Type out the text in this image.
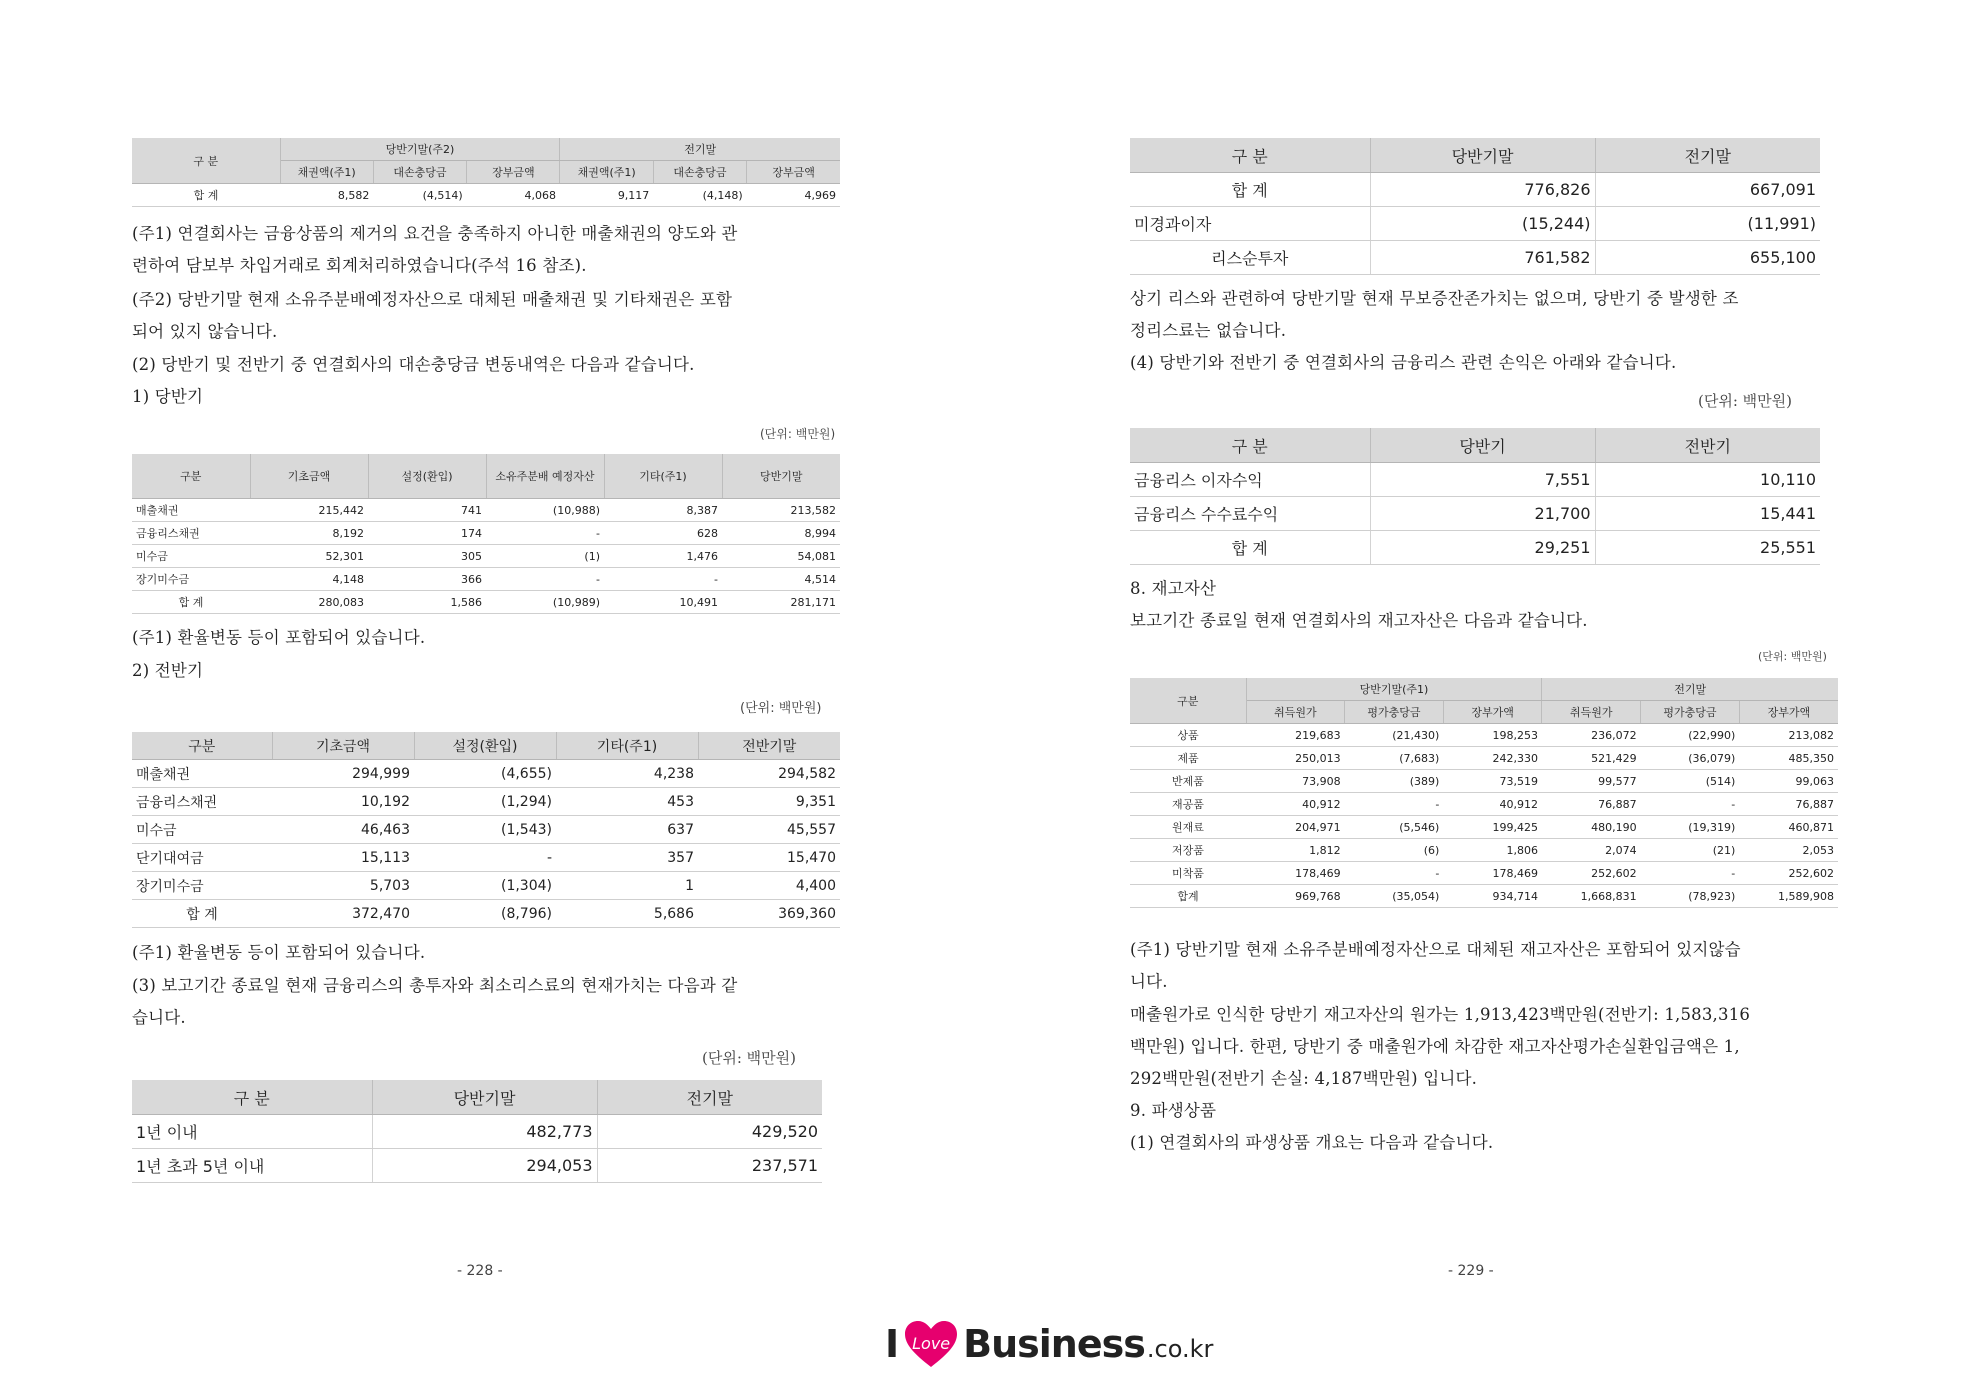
구 분	당반기말(주2)			전기말		
	채권액(주1)	대손충당금	장부금액	채권액(주1)	대손충당금	장부금액
합 계	8,582	(4,514)	4,068	9,117	(4,148)	4,969
(주1) 연결회사는 금융상품의 제거의 요건을 충족하지 아니한 매출채권의 양도와 관
련하여 담보부 차입거래로 회계처리하였습니다(주석 16 참조).
(주2) 당반기말 현재 소유주분배예정자산으로 대체된 매출채권 및 기타채권은 포함
되어 있지 않습니다.
(2) 당반기 및 전반기 중 연결회사의 대손충당금 변동내역은 다음과 같습니다.
1) 당반기
(단위: 백만원)
구분	기초금액	설정(환입)	소유주분배 예정자산	기타(주1)	당반기말
매출채권	215,442	741	(10,988)	8,387	213,582
금융리스채권	8,192	174	-	628	8,994
미수금	52,301	305	(1)	1,476	54,081
장기미수금	4,148	366	-	-	4,514
합 계	280,083	1,586	(10,989)	10,491	281,171
(주1) 환율변동 등이 포함되어 있습니다.
2) 전반기
(단위: 백만원)
구분	기초금액	설정(환입)	기타(주1)	전반기말
매출채권	294,999	(4,655)	4,238	294,582
금융리스채권	10,192	(1,294)	453	9,351
미수금	46,463	(1,543)	637	45,557
단기대여금	15,113	-	357	15,470
장기미수금	5,703	(1,304)	1	4,400
합 계	372,470	(8,796)	5,686	369,360
(주1) 환율변동 등이 포함되어 있습니다.
(3) 보고기간 종료일 현재 금융리스의 총투자와 최소리스료의 현재가치는 다음과 같
습니다.
(단위: 백만원)
구 분	당반기말	전기말
1년 이내	482,773	429,520
1년 초과 5년 이내	294,053	237,571
- 228 -
구 분	당반기말	전기말
합 계	776,826	667,091
미경과이자	(15,244)	(11,991)
리스순투자	761,582	655,100
상기 리스와 관련하여 당반기말 현재 무보증잔존가치는 없으며, 당반기 중 발생한 조
정리스료는 없습니다.
(4) 당반기와 전반기 중 연결회사의 금융리스 관련 손익은 아래와 같습니다.
(단위: 백만원)
구 분	당반기	전반기
금융리스 이자수익	7,551	10,110
금융리스 수수료수익	21,700	15,441
합 계	29,251	25,551
8. 재고자산
보고기간 종료일 현재 연결회사의 재고자산은 다음과 같습니다.
(단위: 백만원)
구분	당반기말(주1)			전기말		
	취득원가	평가충당금	장부가액	취득원가	평가충당금	장부가액
상품	219,683	(21,430)	198,253	236,072	(22,990)	213,082
제품	250,013	(7,683)	242,330	521,429	(36,079)	485,350
반제품	73,908	(389)	73,519	99,577	(514)	99,063
재공품	40,912	-	40,912	76,887	-	76,887
원재료	204,971	(5,546)	199,425	480,190	(19,319)	460,871
저장품	1,812	(6)	1,806	2,074	(21)	2,053
미착품	178,469	-	178,469	252,602	-	252,602
합계	969,768	(35,054)	934,714	1,668,831	(78,923)	1,589,908
(주1) 당반기말 현재 소유주분배예정자산으로 대체된 재고자산은 포함되어 있지않습
니다.
매출원가로 인식한 당반기 재고자산의 원가는 1,913,423백만원(전반기: 1,583,316
백만원) 입니다. 한편, 당반기 중 매출원가에 차감한 재고자산평가손실환입금액은 1,
292백만원(전반기 손실: 4,187백만원) 입니다.
9. 파생상품
(1) 연결회사의 파생상품 개요는 다음과 같습니다.
- 229 -
I Love Business .co.kr
